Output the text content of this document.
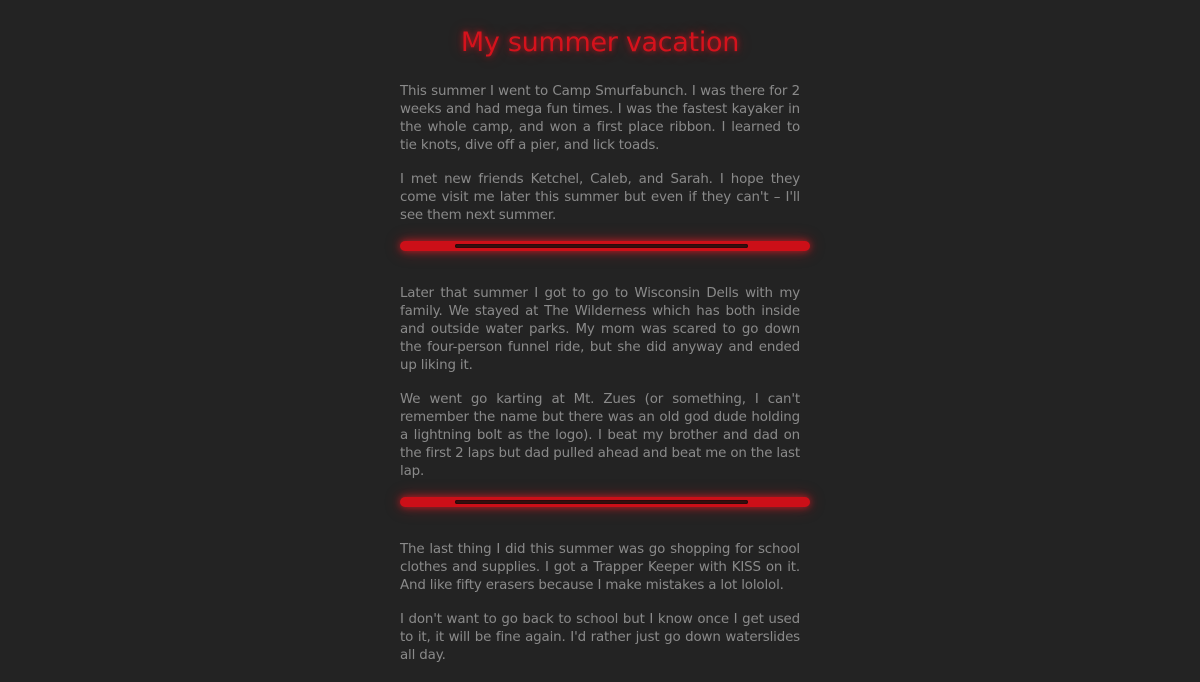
My summer vacation

This summer I went to Camp Smurfabunch. I was there for 2 weeks and had mega fun times. I was the fastest kayaker in the whole camp, and won a first place ribbon. I learned to tie knots, dive off a pier, and lick toads.

I met new friends Ketchel, Caleb, and Sarah. I hope they come visit me later this summer but even if they can't – I'll see them next summer.

Later that summer I got to go to Wisconsin Dells with my family. We stayed at The Wilderness which has both inside and outside water parks. My mom was scared to go down the four-person funnel ride, but she did anyway and ended up liking it.

We went go karting at Mt. Zues (or something, I can't remember the name but there was an old god dude holding a lightning bolt as the logo). I beat my brother and dad on the first 2 laps but dad pulled ahead and beat me on the last lap.

The last thing I did this summer was go shopping for school clothes and supplies. I got a Trapper Keeper with KISS on it. And like fifty erasers because I make mistakes a lot lololol.

I don't want to go back to school but I know once I get used to it, it will be fine again. I'd rather just go down waterslides all day.
